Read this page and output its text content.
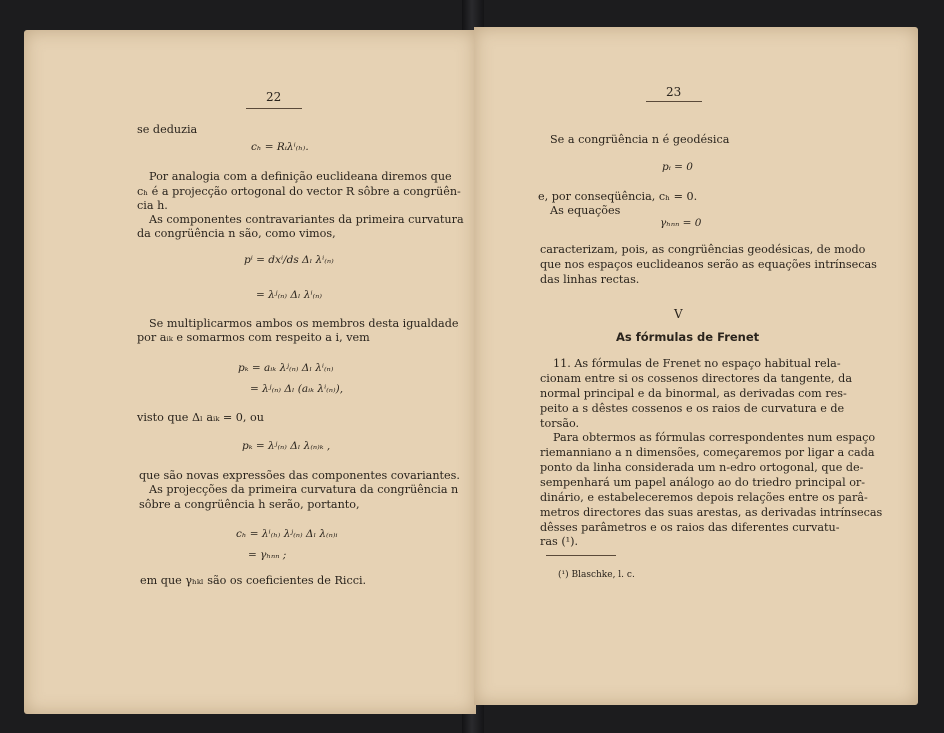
22
se deduzia
cₕ = Rᵢλⁱ₍ₕ₎.
Por analogia com a definição euclideana diremos que
cₕ é a projecção ortogonal do vector R sôbre a congrüên-
cia h.
As componentes contravariantes da primeira curvatura
da congrüência n são, como vimos,
pⁱ = dxⁱ/ds Δₗ λⁱ₍ₙ₎
= λʲ₍ₙ₎ Δₗ λⁱ₍ₙ₎
Se multiplicarmos ambos os membros desta igualdade
por aᵢₖ e somarmos com respeito a i, vem
pₖ = aᵢₖ λʲ₍ₙ₎ Δₗ λⁱ₍ₙ₎
= λʲ₍ₙ₎ Δₗ (aᵢₖ λⁱ₍ₙ₎),
visto que Δₗ aᵢₖ = 0, ou
pₖ = λʲ₍ₙ₎ Δₗ λ₍ₙ₎ₖ ,
que são novas expressões das componentes covariantes.
As projecções da primeira curvatura da congrüência n
sôbre a congrüência h serão, portanto,
cₕ = λⁱ₍ₕ₎ λʲ₍ₙ₎ Δₗ λ₍ₙ₎ᵢ
= γₕₙₙ ;
em que γₕₖₗ são os coeficientes de Ricci.
23
Se a congrüência n é geodésica
pᵢ = 0
e, por conseqüência, cₕ = 0.
As equações
γₕₙₙ = 0
caracterizam, pois, as congrüências geodésicas, de modo
que nos espaços euclideanos serão as equações intrínsecas
das linhas rectas.
V
As fórmulas de Frenet
11. As fórmulas de Frenet no espaço habitual rela-
cionam entre si os cossenos directores da tangente, da
normal principal e da binormal, as derivadas com res-
peito a s dêstes cossenos e os raios de curvatura e de
torsão.
Para obtermos as fórmulas correspondentes num espaço
riemanniano a n dimensões, começaremos por ligar a cada
ponto da linha considerada um n-edro ortogonal, que de-
sempenhará um papel análogo ao do triedro principal or-
dinário, e estabeleceremos depois relações entre os parâ-
metros directores das suas arestas, as derivadas intrínsecas
dêsses parâmetros e os raios das diferentes curvatu-
ras (¹).
(¹) Blaschke, l. c.
